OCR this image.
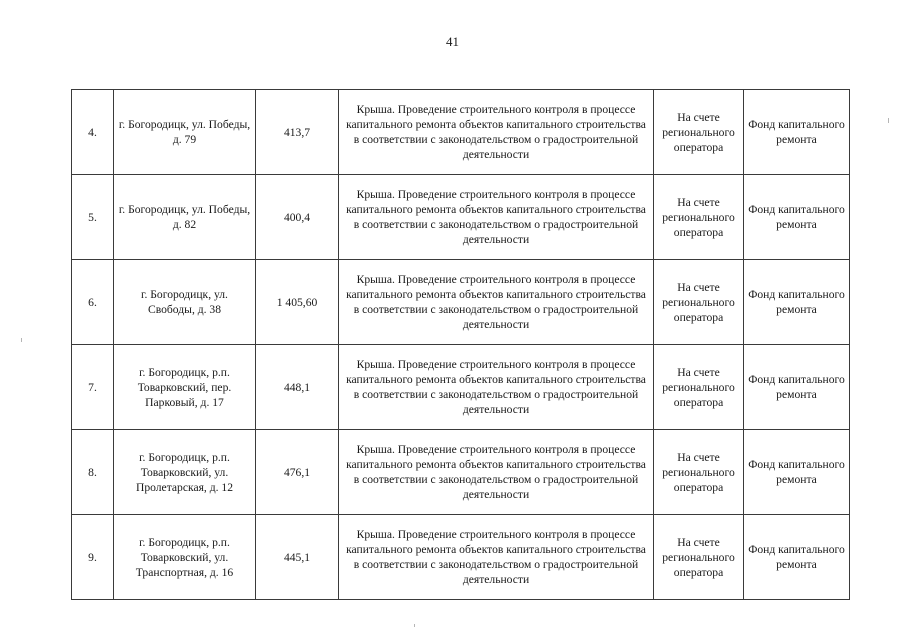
41
4.	г. Богородицк, ул. Победы, д. 79	413,7	Крыша. Проведение строительного контроля в процессе капитального ремонта объектов капитального строительства в соответствии с законодательством о градостроительной деятельности	На счете регионального оператора	Фонд капитального ремонта

5.	г. Богородицк, ул. Победы, д. 82	400,4	Крыша. Проведение строительного контроля в процессе капитального ремонта объектов капитального строительства в соответствии с законодательством о градостроительной деятельности	На счете регионального оператора	Фонд капитального ремонта

6.	г. Богородицк, ул. Свободы, д. 38	1 405,60	Крыша. Проведение строительного контроля в процессе капитального ремонта объектов капитального строительства в соответствии с законодательством о градостроительной деятельности	На счете регионального оператора	Фонд капитального ремонта

7.	г. Богородицк, р.п. Товарковский, пер. Парковый, д. 17	448,1	Крыша. Проведение строительного контроля в процессе капитального ремонта объектов капитального строительства в соответствии с законодательством о градостроительной деятельности	На счете регионального оператора	Фонд капитального ремонта

8.	г. Богородицк, р.п. Товарковский, ул. Пролетарская, д. 12	476,1	Крыша. Проведение строительного контроля в процессе капитального ремонта объектов капитального строительства в соответствии с законодательством о градостроительной деятельности	На счете регионального оператора	Фонд капитального ремонта

9.	г. Богородицк, р.п. Товарковский, ул. Транспортная, д. 16	445,1	Крыша. Проведение строительного контроля в процессе капитального ремонта объектов капитального строительства в соответствии с законодательством о градостроительной деятельности	На счете регионального оператора	Фонд капитального ремонта
